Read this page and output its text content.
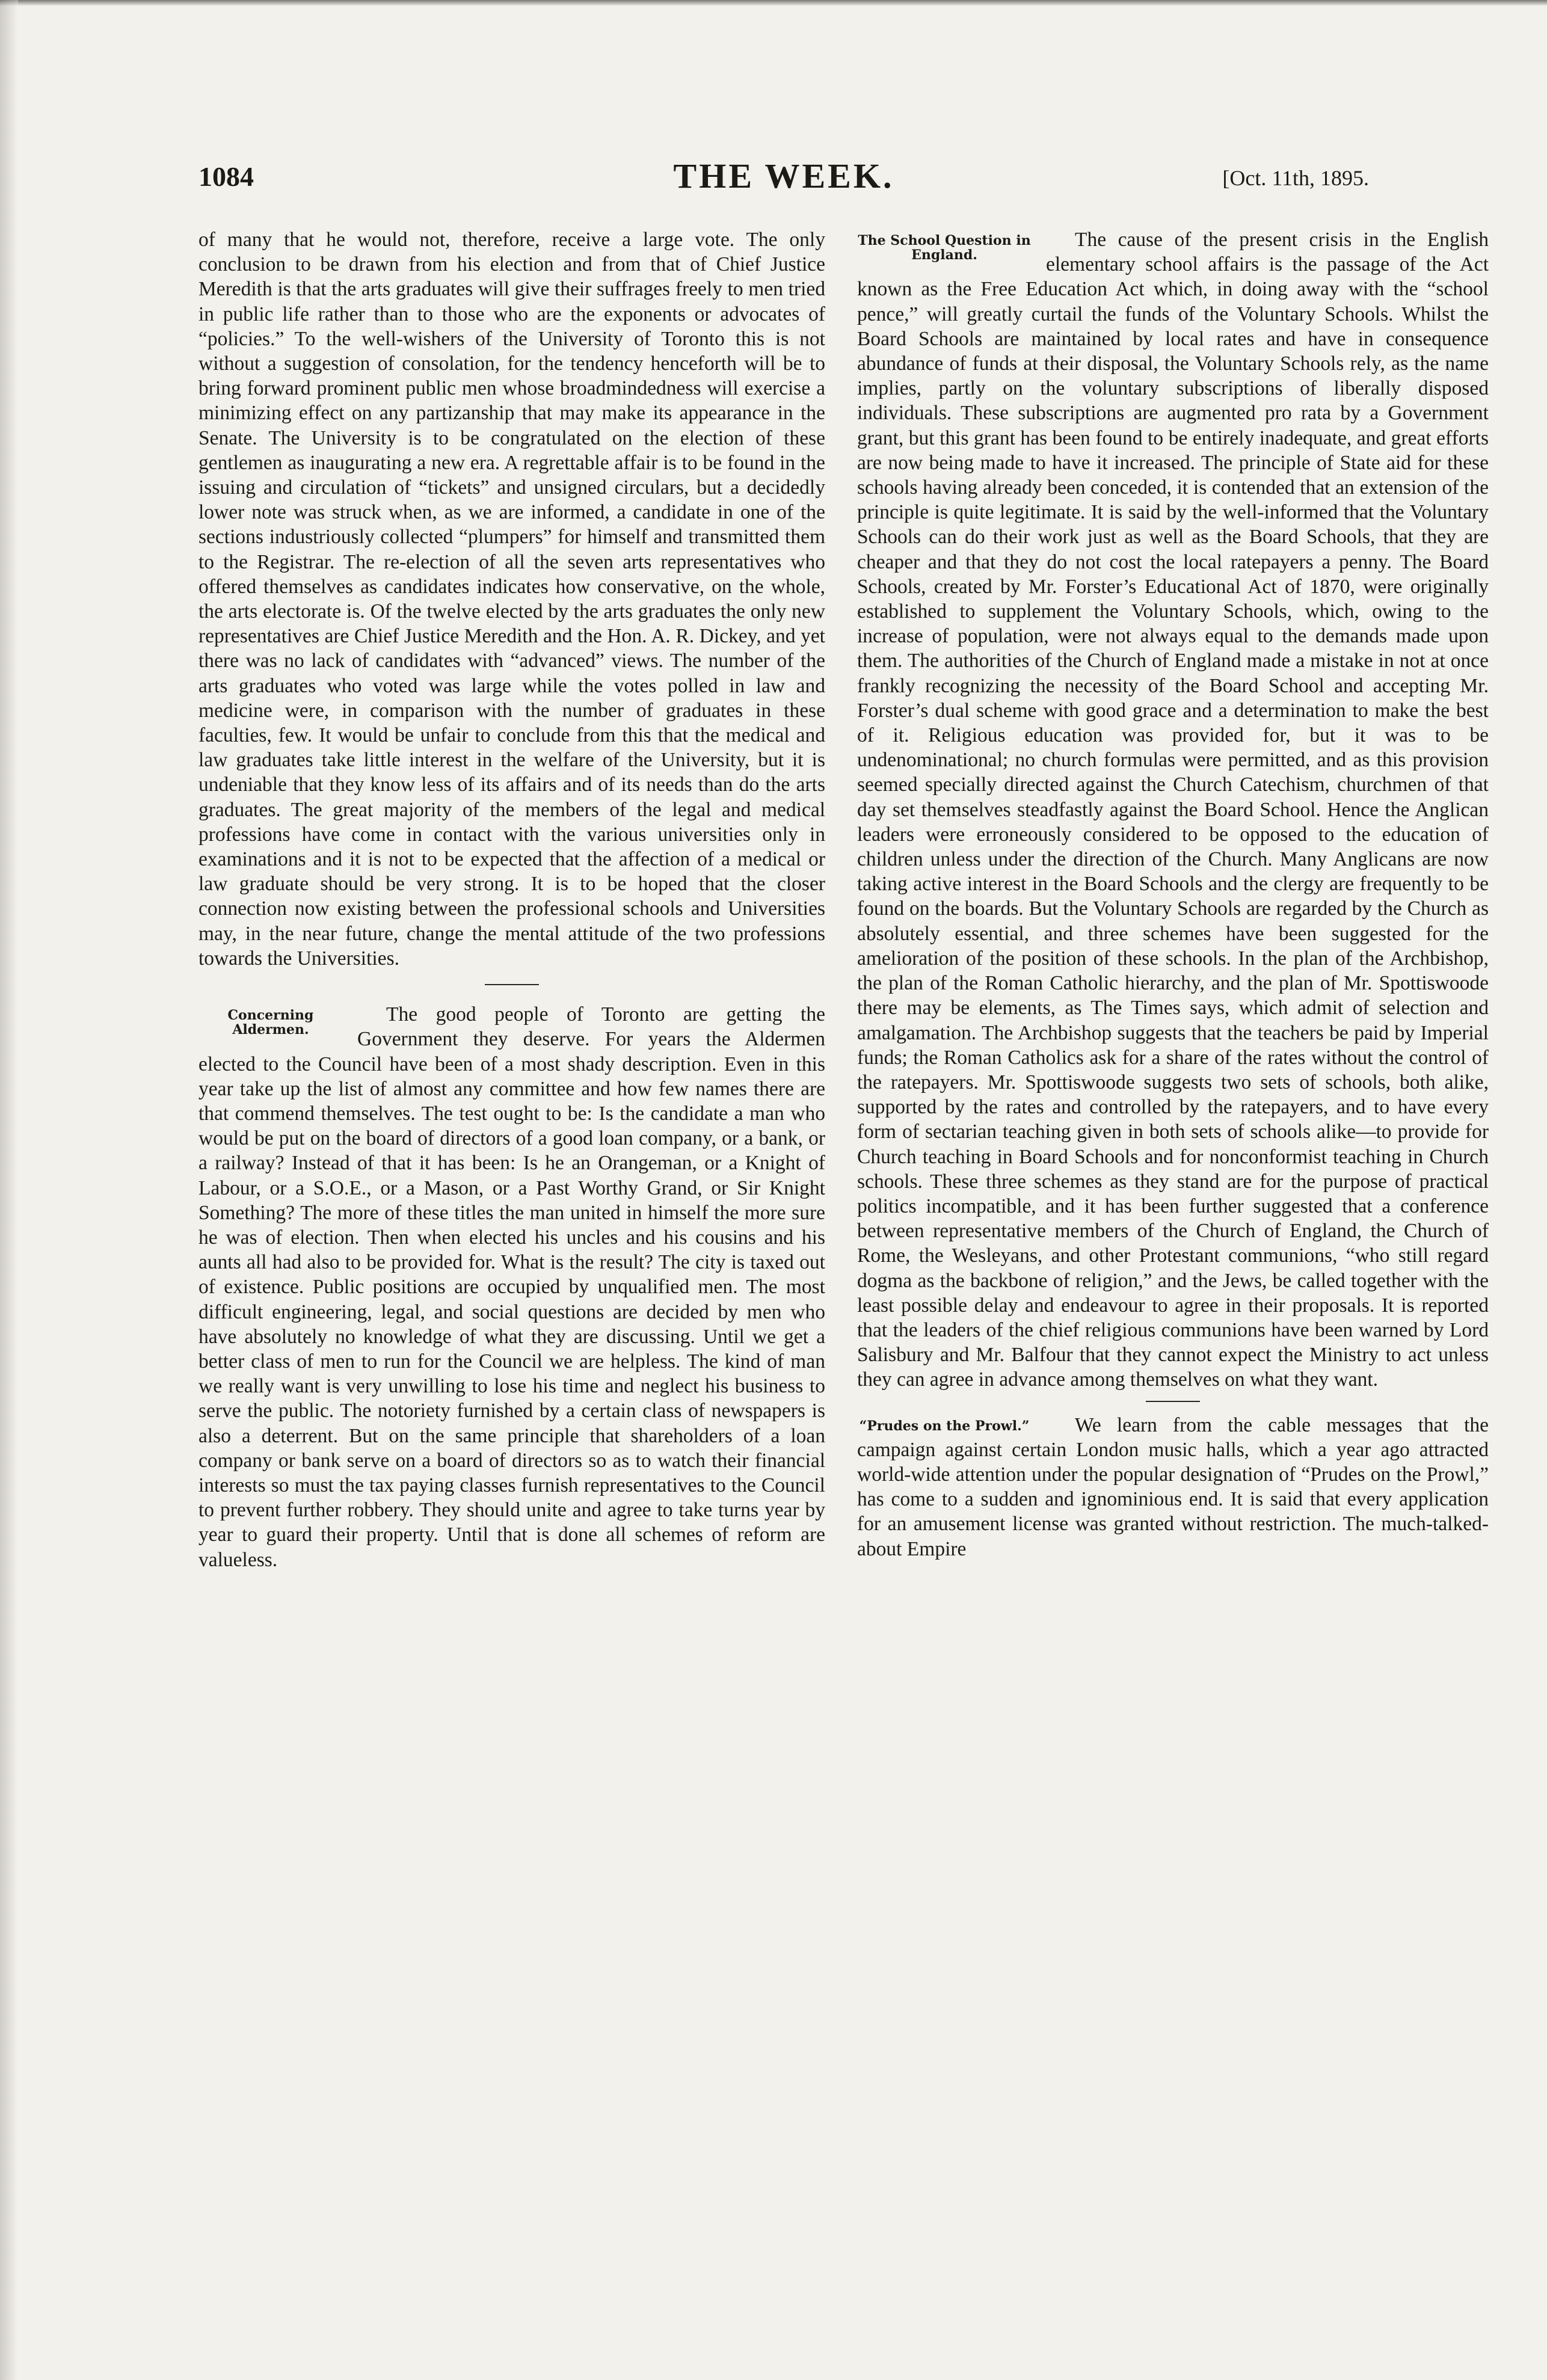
1084	THE WEEK.	[Oct. 11th, 1895.

of many that he would not, therefore, receive a large vote. The only conclusion to be drawn from his election and from that of Chief Justice Meredith is that the arts graduates will give their suffrages freely to men tried in public life rather than to those who are the exponents or advocates of “policies.” To the well-wishers of the University of Toronto this is not without a suggestion of consolation, for the tendency henceforth will be to bring forward prominent public men whose broadmindedness will exercise a minimizing effect on any partizanship that may make its appearance in the Senate. The University is to be congratulated on the election of these gentlemen as inaugurating a new era. A regrettable affair is to be found in the issuing and circulation of “tickets” and unsigned circulars, but a decidedly lower note was struck when, as we are informed, a candidate in one of the sections industriously collected “plumpers” for himself and transmitted them to the Registrar. The re-election of all the seven arts representatives who offered themselves as candidates indicates how conservative, on the whole, the arts electorate is. Of the twelve elected by the arts graduates the only new representatives are Chief Justice Meredith and the Hon. A. R. Dickey, and yet there was no lack of candidates with “advanced” views. The number of the arts graduates who voted was large while the votes polled in law and medicine were, in comparison with the number of graduates in these faculties, few. It would be unfair to conclude from this that the medical and law graduates take little interest in the welfare of the University, but it is undeniable that they know less of its affairs and of its needs than do the arts graduates. The great majority of the members of the legal and medical professions have come in contact with the various universities only in examinations and it is not to be expected that the affection of a medical or law graduate should be very strong. It is to be hoped that the closer connection now existing between the professional schools and Universities may, in the near future, change the mental attitude of the two professions towards the Universities.

Concerning Aldermen.

The good people of Toronto are getting the Government they deserve. For years the Aldermen elected to the Council have been of a most shady description. Even in this year take up the list of almost any committee and how few names there are that commend themselves. The test ought to be: Is the candidate a man who would be put on the board of directors of a good loan company, or a bank, or a railway? Instead of that it has been: Is he an Orangeman, or a Knight of Labour, or a S.O.E., or a Mason, or a Past Worthy Grand, or Sir Knight Something? The more of these titles the man united in himself the more sure he was of election. Then when elected his uncles and his cousins and his aunts all had also to be provided for. What is the result? The city is taxed out of existence. Public positions are occupied by unqualified men. The most difficult engineering, legal, and social questions are decided by men who have absolutely no knowledge of what they are discussing. Until we get a better class of men to run for the Council we are helpless. The kind of man we really want is very unwilling to lose his time and neglect his business to serve the public. The notoriety furnished by a certain class of newspapers is also a deterrent. But on the same principle that shareholders of a loan company or bank serve on a board of directors so as to watch their financial interests so must the tax paying classes furnish representatives to the Council to prevent further robbery. They should unite and agree to take turns year by year to guard their property. Until that is done all schemes of reform are valueless.

The School Question in England.

The cause of the present crisis in the English elementary school affairs is the passage of the Act known as the Free Education Act which, in doing away with the “school pence,” will greatly curtail the funds of the Voluntary Schools. Whilst the Board Schools are maintained by local rates and have in consequence abundance of funds at their disposal, the Voluntary Schools rely, as the name implies, partly on the voluntary subscriptions of liberally disposed individuals. These subscriptions are augmented pro rata by a Government grant, but this grant has been found to be entirely inadequate, and great efforts are now being made to have it increased. The principle of State aid for these schools having already been conceded, it is contended that an extension of the principle is quite legitimate. It is said by the well-informed that the Voluntary Schools can do their work just as well as the Board Schools, that they are cheaper and that they do not cost the local ratepayers a penny. The Board Schools, created by Mr. Forster’s Educational Act of 1870, were originally established to supplement the Voluntary Schools, which, owing to the increase of population, were not always equal to the demands made upon them. The authorities of the Church of England made a mistake in not at once frankly recognizing the necessity of the Board School and accepting Mr. Forster’s dual scheme with good grace and a determination to make the best of it. Religious education was provided for, but it was to be undenominational; no church formulas were permitted, and as this provision seemed specially directed against the Church Catechism, churchmen of that day set themselves steadfastly against the Board School. Hence the Anglican leaders were erroneously considered to be opposed to the education of children unless under the direction of the Church. Many Anglicans are now taking active interest in the Board Schools and the clergy are frequently to be found on the boards. But the Voluntary Schools are regarded by the Church as absolutely essential, and three schemes have been suggested for the amelioration of the position of these schools. In the plan of the Archbishop, the plan of the Roman Catholic hierarchy, and the plan of Mr. Spottiswoode there may be elements, as The Times says, which admit of selection and amalgamation. The Archbishop suggests that the teachers be paid by Imperial funds; the Roman Catholics ask for a share of the rates without the control of the ratepayers. Mr. Spottiswoode suggests two sets of schools, both alike, supported by the rates and controlled by the ratepayers, and to have every form of sectarian teaching given in both sets of schools alike—to provide for Church teaching in Board Schools and for nonconformist teaching in Church schools. These three schemes as they stand are for the purpose of practical politics incompatible, and it has been further suggested that a conference between representative members of the Church of England, the Church of Rome, the Wesleyans, and other Protestant communions, “who still regard dogma as the backbone of religion,” and the Jews, be called together with the least possible delay and endeavour to agree in their proposals. It is reported that the leaders of the chief religious communions have been warned by Lord Salisbury and Mr. Balfour that they cannot expect the Ministry to act unless they can agree in advance among themselves on what they want.

“Prudes on the Prowl.”	We learn from the cable messages that the campaign against certain London music halls, which a year ago attracted world-wide attention under the popular designation of “Prudes on the Prowl,” has come to a sudden and ignominious end. It is said that every application for an amusement license was granted without restriction. The much-talked-about Empire
